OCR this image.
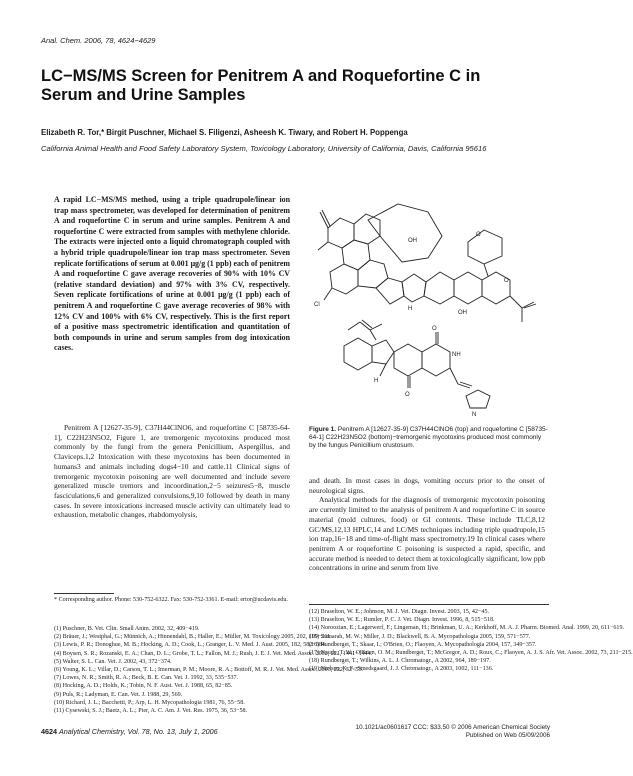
Anal. Chem. 2006, 78, 4624−4629
LC−MS/MS Screen for Penitrem A and Roquefortine C in Serum and Urine Samples
Elizabeth R. Tor,* Birgit Puschner, Michael S. Filigenzi, Asheesh K. Tiwary, and Robert H. Poppenga
California Animal Health and Food Safety Laboratory System, Toxicology Laboratory, University of California, Davis, California 95616
A rapid LC−MS/MS method, using a triple quadrupole/linear ion trap mass spectrometer, was developed for determination of penitrem A and roquefortine C in serum and urine samples. Penitrem A and roquefortine C were extracted from samples with methylene chloride. The extracts were injected onto a liquid chromatograph coupled with a hybrid triple quadrupole/linear ion trap mass spectrometer. Seven replicate fortifications of serum at 0.001 μg/g (1 ppb) each of penitrem A and roquefortine C gave average recoveries of 90% with 10% CV (relative standard deviation) and 97% with 3% CV, respectively. Seven replicate fortifications of urine at 0.001 μg/g (1 ppb) each of penitrem A and roquefortine C gave average recoveries of 98% with 12% CV and 100% with 6% CV, respectively. This is the first report of a positive mass spectrometric identification and quantitation of both compounds in urine and serum samples from dog intoxication cases.
Penitrem A [12627-35-9], C37H44ClNO6, and roquefortine C [58735-64-1], C22H23N5O2, Figure 1, are tremorgenic mycotoxins produced most commonly by the fungi from the genera Penicillium, Aspergillus, and Claviceps.1,2 Intoxication with these mycotoxins has been documented in humans3 and animals including dogs4−10 and cattle.11 Clinical signs of tremorgenic mycotoxin poisoning are well documented and include severe generalized muscle tremors and incoordination,2−5 seizures5−8, muscle fasciculations,6 and generalized convulsions,9,10 followed by death in many cases. In severe intoxications increased muscle activity can ultimately lead to exhaustion, metabolic changes, rhabdomyolysis,
Cl
H
OH
OH
O
O
O
O
NH
N
H
Figure 1. Penitrem A [12627-35-9] C37H44ClNO6 (top) and roquefortine C [58735-64-1] C22H23N5O2 (bottom)−tremorgenic mycotoxins produced most commonly by the fungus Penicillium crustosum.

and death. In most cases in dogs, vomiting occurs prior to the onset of neurological signs.

Analytical methods for the diagnosis of tremorgenic mycotoxin poisoning are currently limited to the analysis of penitrem A and roquefortine C in source material (mold cultures, food) or GI contents. These include TLC,8,12 GC/MS,12,13 HPLC,14 and LC/MS techniques including triple quadrupole,15 ion trap,16−18 and time-of-flight mass spectrometry.19 In clinical cases where penitrem A or roquefortine C poisoning is suspected a rapid, specific, and accurate method is needed to detect them at toxicologically significant, low ppb concentrations in urine and serum from live

* Corresponding author. Phone: 530-752-6322. Fax: 530-752-3361. E-mail: ertor@ucdavis.edu.
(1) Puschner, B. Vet. Clin. Small Anim. 2002, 32, 409−419.
(2) Bräuer, J.; Westphal, G.; Münnich, A.; Hinnendahl, B.; Haller, E.; Müller, M. Toxicology 2005, 202, 199−211.
(3) Lewis, P. R.; Donoghue, M. B.; Hocking, A. D.; Cook, L.; Granger, L. V. Med. J. Aust. 2005, 182, 582−584.
(4) Boysen, S. R.; Rozanski, E. A.; Chan, D. L.; Grobe, T. L.; Fallon, M. J.; Rush, J. E. J. Vet. Med. Assoc. 2002, 221, 1441−1444.
(5) Walter, S. L. Can. Vet. J. 2002, 43, 372−374.
(6) Young, K. L.; Villar, D.; Carson, T. L.; Imerman, P. M.; Moore, R. A.; Bottoff, M. R. J. Vet. Med. Assoc. 2003, 222, 52−53.
(7) Lowes, N. R.; Smith, R. A.; Beck, B. E. Can. Vet. J. 1992, 33, 535−537.
(8) Hocking, A. D.; Holds, K.; Tobin, N. F. Aust. Vet. J. 1988, 65, 82−85.
(9) Puls, R.; Ladyman, E. Can. Vet. J. 1988, 29, 569.
(10) Richard, J. L.; Bacchetti, P.; Arp, L. H. Mycopathologia 1981, 76, 55−58.
(11) Cysewski, S. J.; Baetz, A. L.; Pier, A. C. Am. J. Vet. Res. 1975, 36, 53−58.
(12) Braselton, W. E.; Johnson, M. J. Vet. Diagn. Invest. 2003, 15, 42−45.
(13) Braselton, W. E.; Rumler, P. C. J. Vet. Diagn. Invest. 1996, 8, 515−518.
(14) Noroozian, E.; Lagerwerf, F.; Lingeman, H.; Brinkman, U. A.; Kerkhoff, M. A. J. Pharm. Biomed. Anal. 1999, 20, 611−619.
(15) Sumarah, M. W.; Miller, J. D.; Blackwell, B. A. Mycopathologia 2005, 159, 571−577.
(16) Rundberget, T.; Skaar, I.; O'Brien, O.; Flaoyen, A. Mycopathologia 2004, 157, 349−357.
(17) Naude, T. W.; O'Brien, O. M.; Rundberget, T.; McGregor, A. D.; Roux, C.; Flaoyen, A. J. S. Afr. Vet. Assoc. 2002, 73, 211−215.
(18) Rundberget, T.; Wilkins, A. L. J. Chromatogr., A 2002, 964, 189−197.
(19) Nielsen, K. F.; Smedsgaard, J. J. Chromatogr., A 2003, 1002, 111−136.
4624 Analytical Chemistry, Vol. 78, No. 13, July 1, 2006	10.1021/ac0601617 CCC: $33.50 © 2006 American Chemical Society
Published on Web 05/09/2006
